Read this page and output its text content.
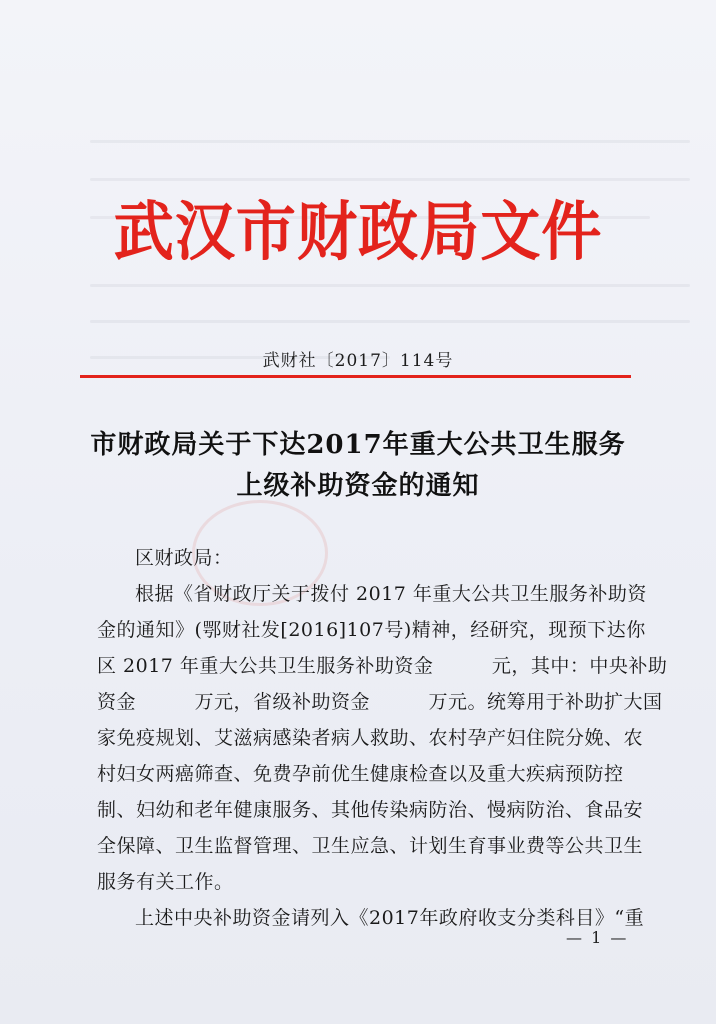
武汉市财政局文件
武财社〔2017〕114号
市财政局关于下达2017年重大公共卫生服务
上级补助资金的通知
区财政局：
根据《省财政厅关于拨付 2017 年重大公共卫生服务补助资
金的通知》(鄂财社发[2016]107号)精神，经研究，现预下达你
区 2017 年重大公共卫生服务补助资金　　　元，其中：中央补助
资金　　　万元，省级补助资金　　　万元。统筹用于补助扩大国
家免疫规划、艾滋病感染者病人救助、农村孕产妇住院分娩、农
村妇女两癌筛查、免费孕前优生健康检查以及重大疾病预防控
制、妇幼和老年健康服务、其他传染病防治、慢病防治、食品安
全保障、卫生监督管理、卫生应急、计划生育事业费等公共卫生
服务有关工作。
上述中央补助资金请列入《2017年政府收支分类科目》“重
— 1 —
